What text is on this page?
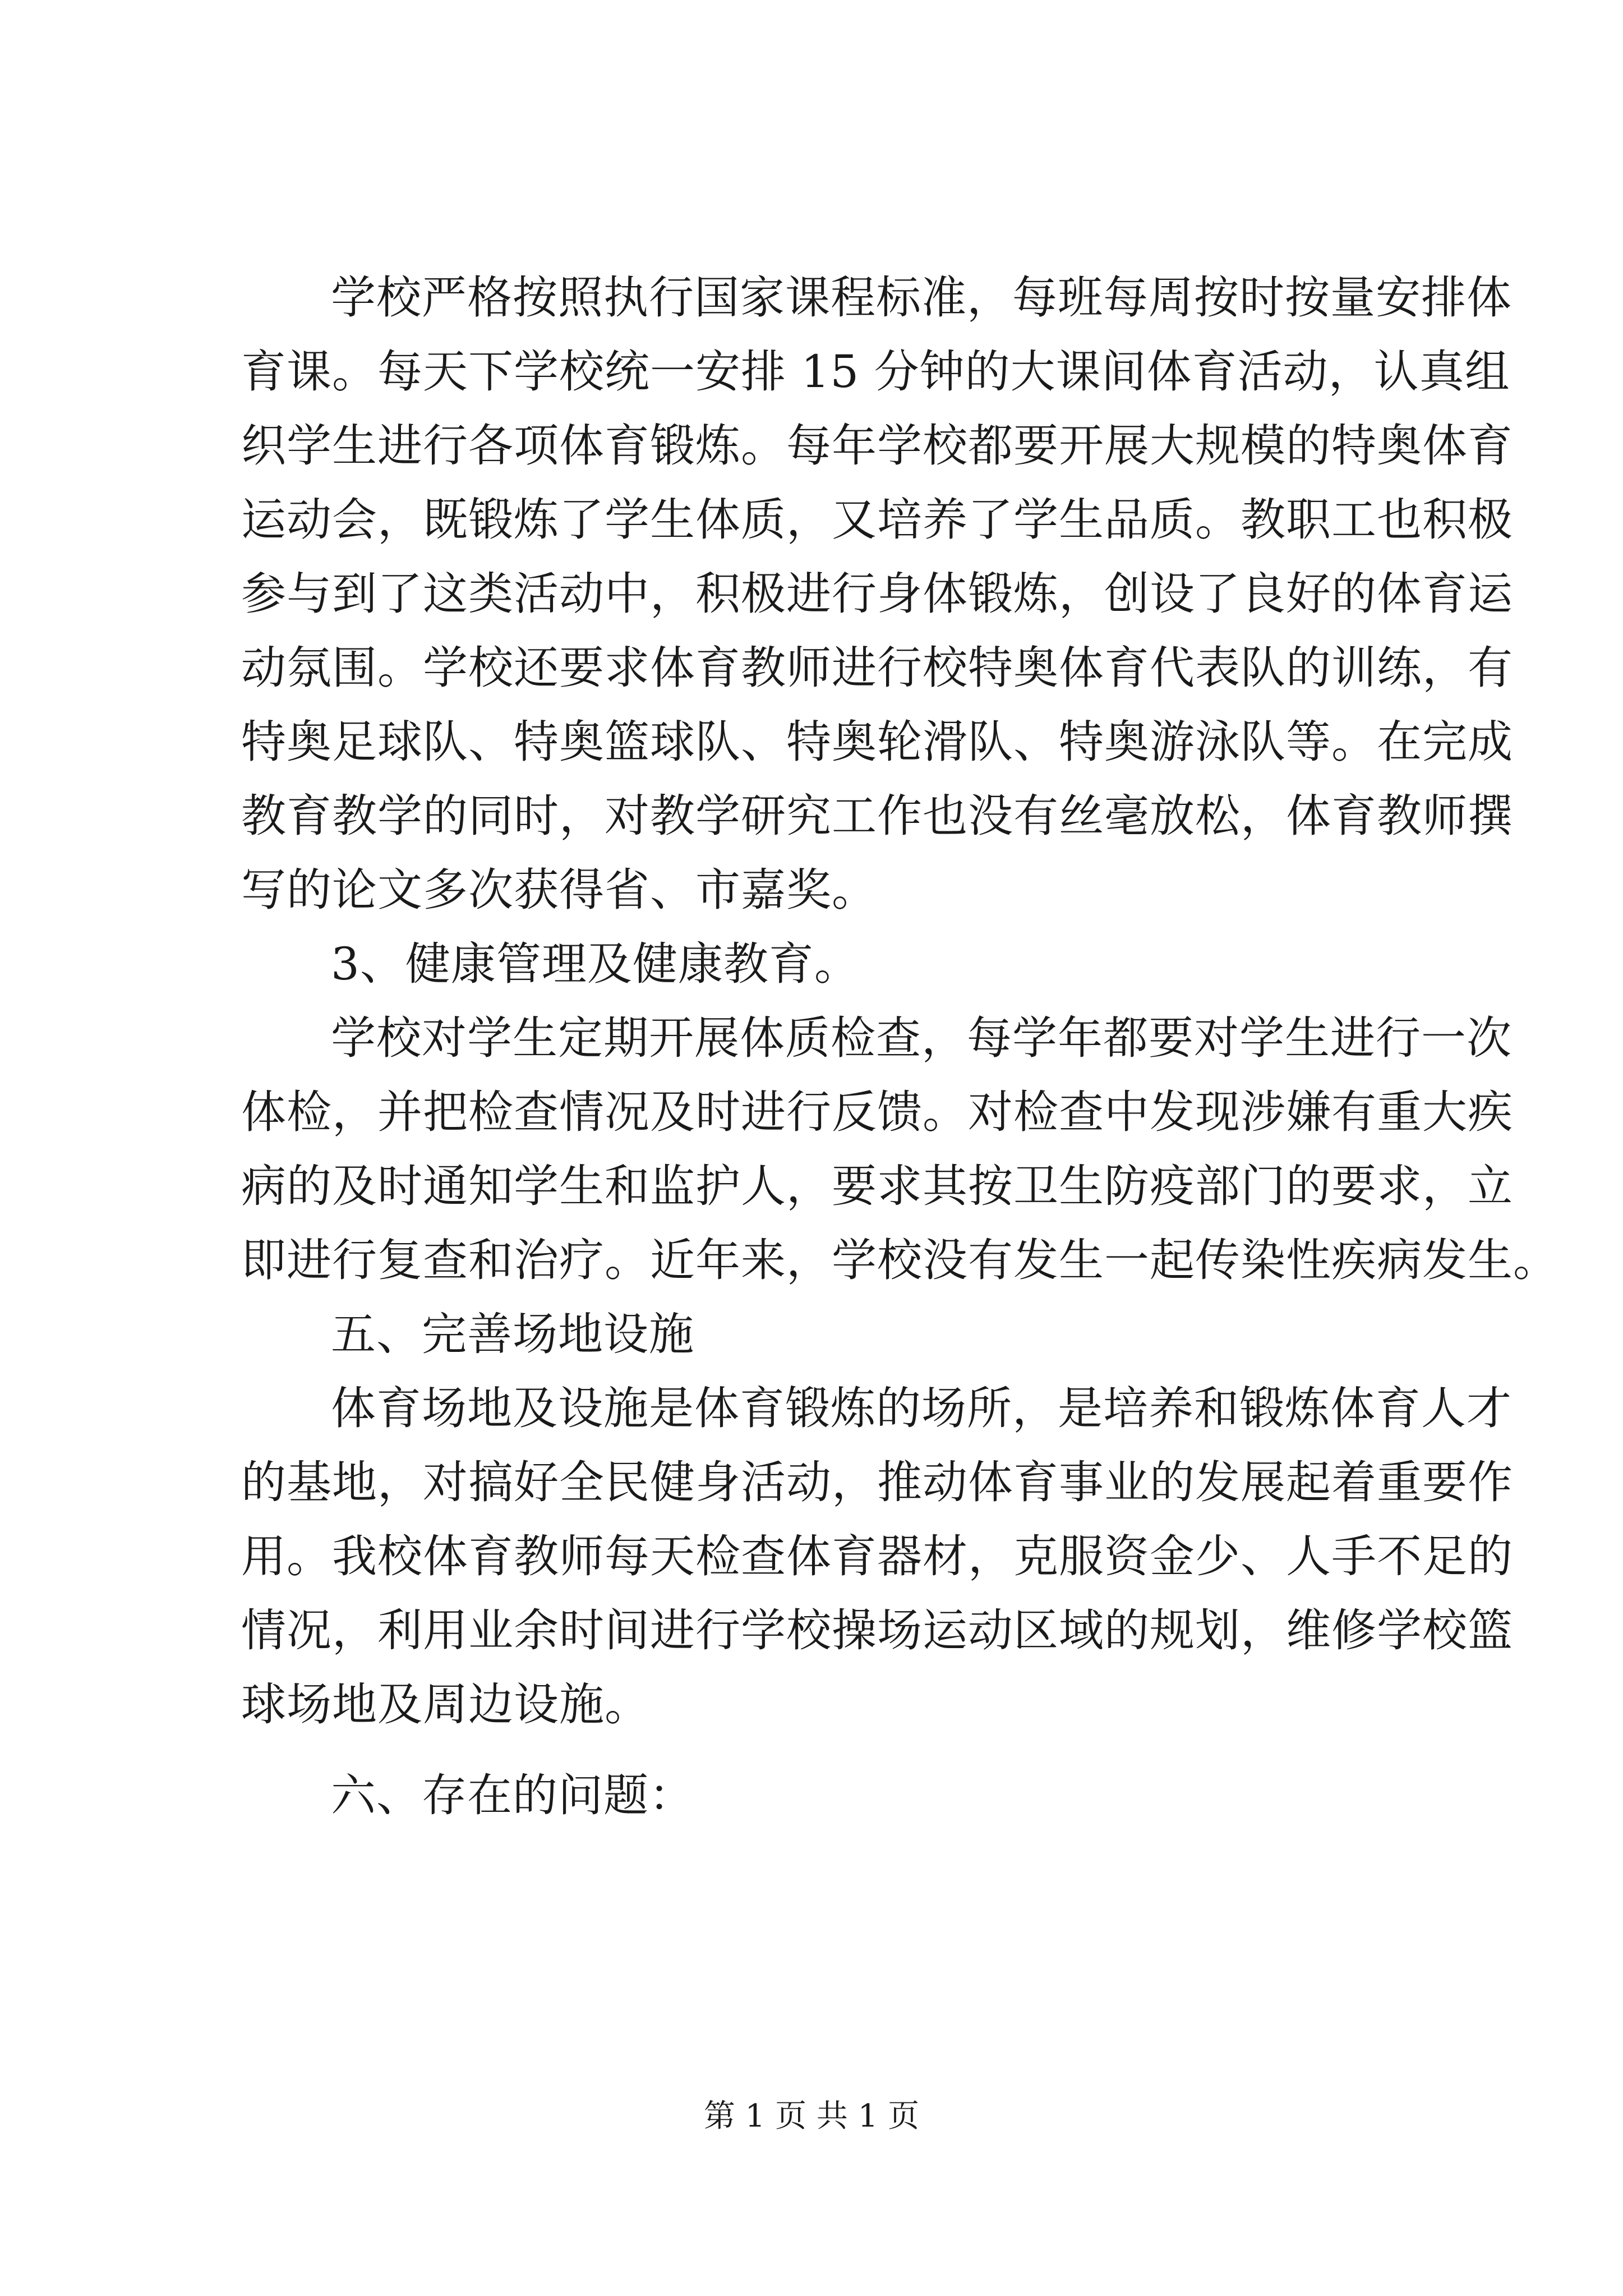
学校严格按照执行国家课程标准，每班每周按时按量安排体
育课。每天下学校统一安排 15 分钟的大课间体育活动，认真组
织学生进行各项体育锻炼。每年学校都要开展大规模的特奥体育
运动会，既锻炼了学生体质，又培养了学生品质。教职工也积极
参与到了这类活动中，积极进行身体锻炼，创设了良好的体育运
动氛围。学校还要求体育教师进行校特奥体育代表队的训练，有
特奥足球队、特奥篮球队、特奥轮滑队、特奥游泳队等。在完成
教育教学的同时，对教学研究工作也没有丝毫放松，体育教师撰
写的论文多次获得省、市嘉奖。
3、健康管理及健康教育。
学校对学生定期开展体质检查，每学年都要对学生进行一次
体检，并把检查情况及时进行反馈。对检查中发现涉嫌有重大疾
病的及时通知学生和监护人，要求其按卫生防疫部门的要求，立
即进行复查和治疗。近年来，学校没有发生一起传染性疾病发生。
五、完善场地设施
体育场地及设施是体育锻炼的场所，是培养和锻炼体育人才
的基地，对搞好全民健身活动，推动体育事业的发展起着重要作
用。我校体育教师每天检查体育器材，克服资金少、人手不足的
情况，利用业余时间进行学校操场运动区域的规划，维修学校篮
球场地及周边设施。
六、存在的问题：
第 1 页 共 1 页
